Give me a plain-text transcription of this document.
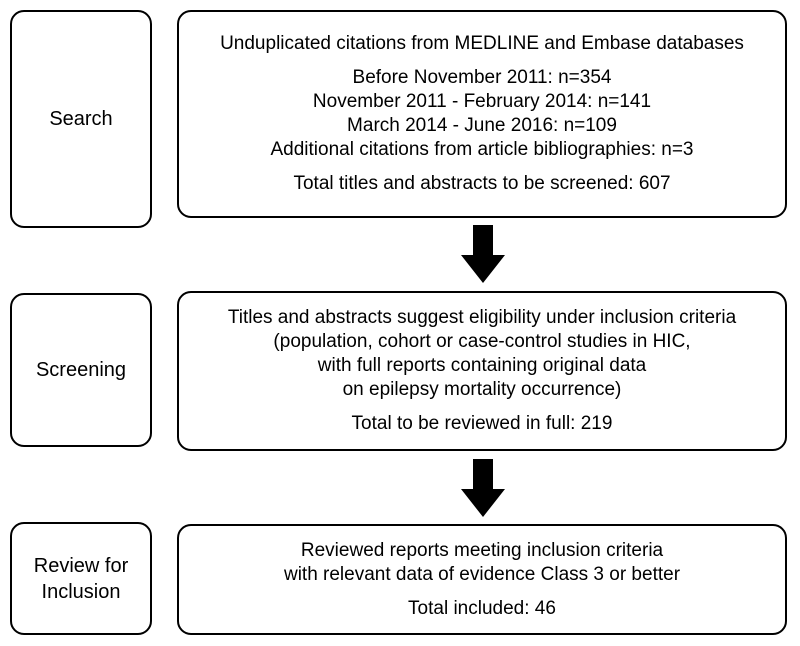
Search
Screening
Review for
Inclusion
Unduplicated citations from MEDLINE and Embase databases
Before November 2011: n=354
November 2011 - February 2014: n=141
March 2014 - June 2016: n=109
Additional citations from article bibliographies: n=3
Total titles and abstracts to be screened: 607
Titles and abstracts suggest eligibility under inclusion criteria
(population, cohort or case-control studies in HIC,
with full reports containing original data
on epilepsy mortality occurrence)
Total to be reviewed in full: 219
Reviewed reports meeting inclusion criteria
with relevant data of evidence Class 3 or better
Total included: 46
